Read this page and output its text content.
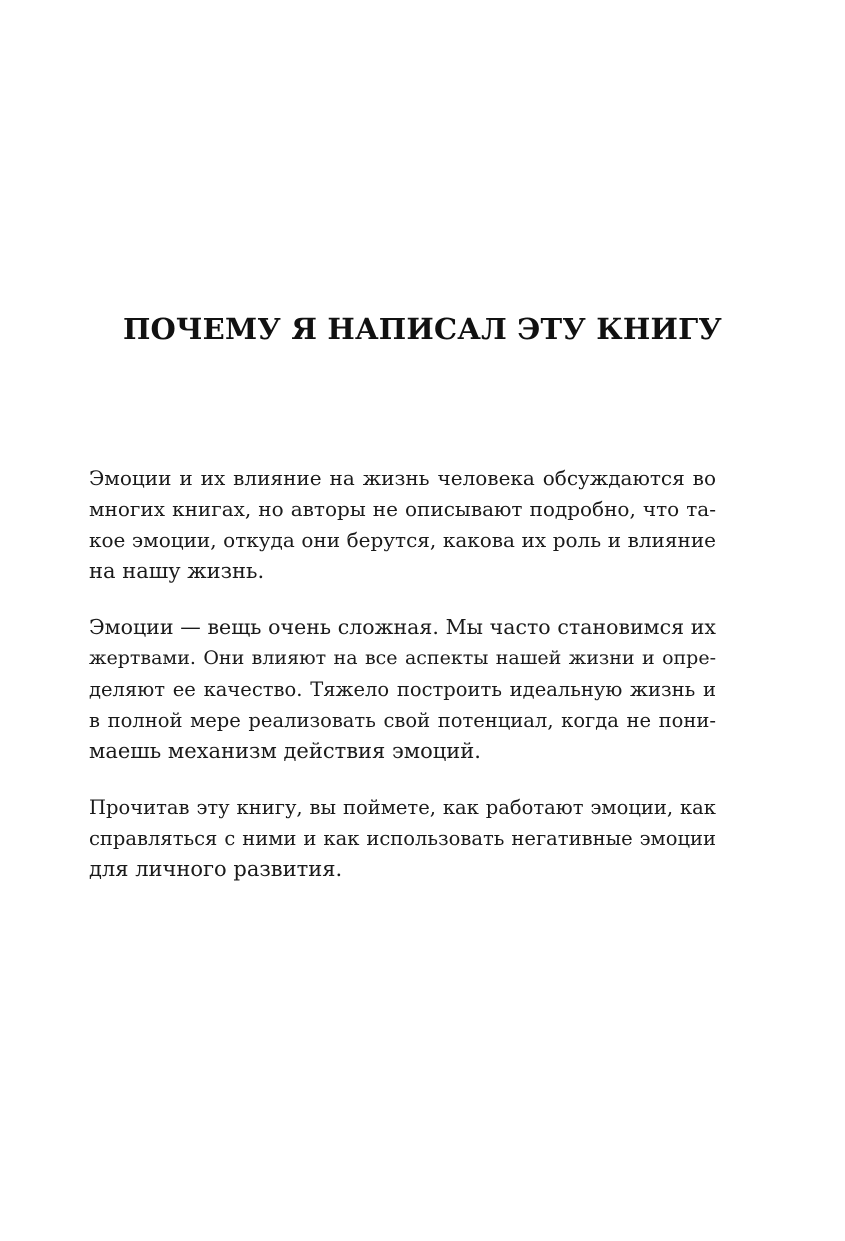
ПОЧЕМУ Я НАПИСАЛ ЭТУ КНИГУ

Эмоции и их влияние на жизнь человека обсуждаются во
многих книгах, но авторы не описывают подробно, что та-
кое эмоции, откуда они берутся, какова их роль и влияние
на нашу жизнь.

Эмоции — вещь очень сложная. Мы часто становимся их
жертвами. Они влияют на все аспекты нашей жизни и опре-
деляют ее качество. Тяжело построить идеальную жизнь и
в полной мере реализовать свой потенциал, когда не пони-
маешь механизм действия эмоций.

Прочитав эту книгу, вы поймете, как работают эмоции, как
справляться с ними и как использовать негативные эмоции
для личного развития.
